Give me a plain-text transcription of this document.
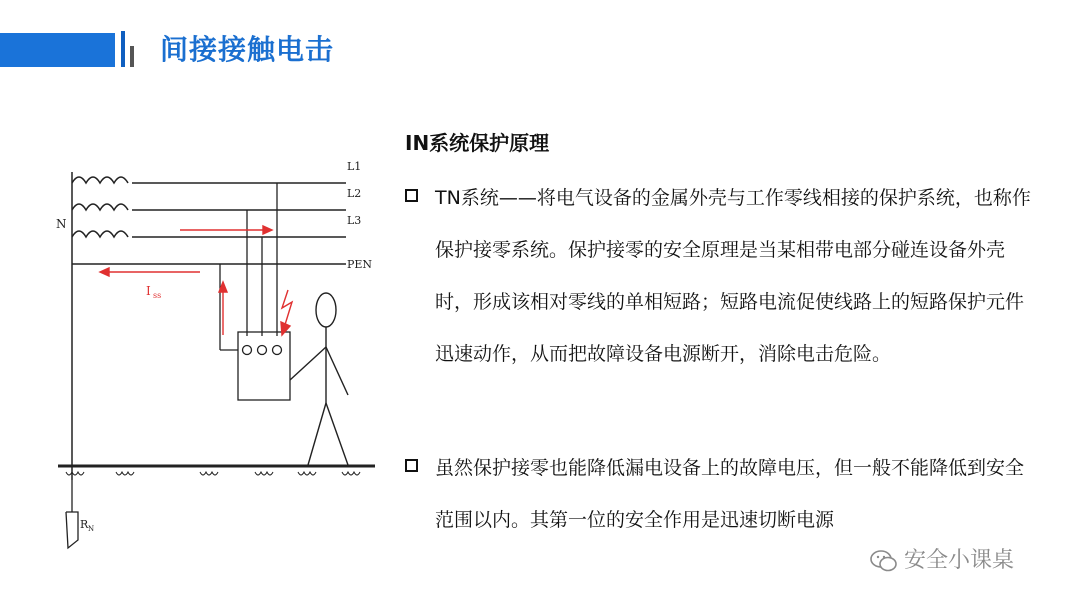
间接接触电击
L1
L2
L3
PEN
N
I ss
R N
IN系统保护原理
TN系统——将电气设备的金属外壳与工作零线相接的保护系统，也称作保护接零系统。保护接零的安全原理是当某相带电部分碰连设备外壳时，形成该相对零线的单相短路；短路电流促使线路上的短路保护元件迅速动作，从而把故障设备电源断开，消除电击危险。
虽然保护接零也能降低漏电设备上的故障电压，但一般不能降低到安全范围以内。其第一位的安全作用是迅速切断电源
安全小课桌
